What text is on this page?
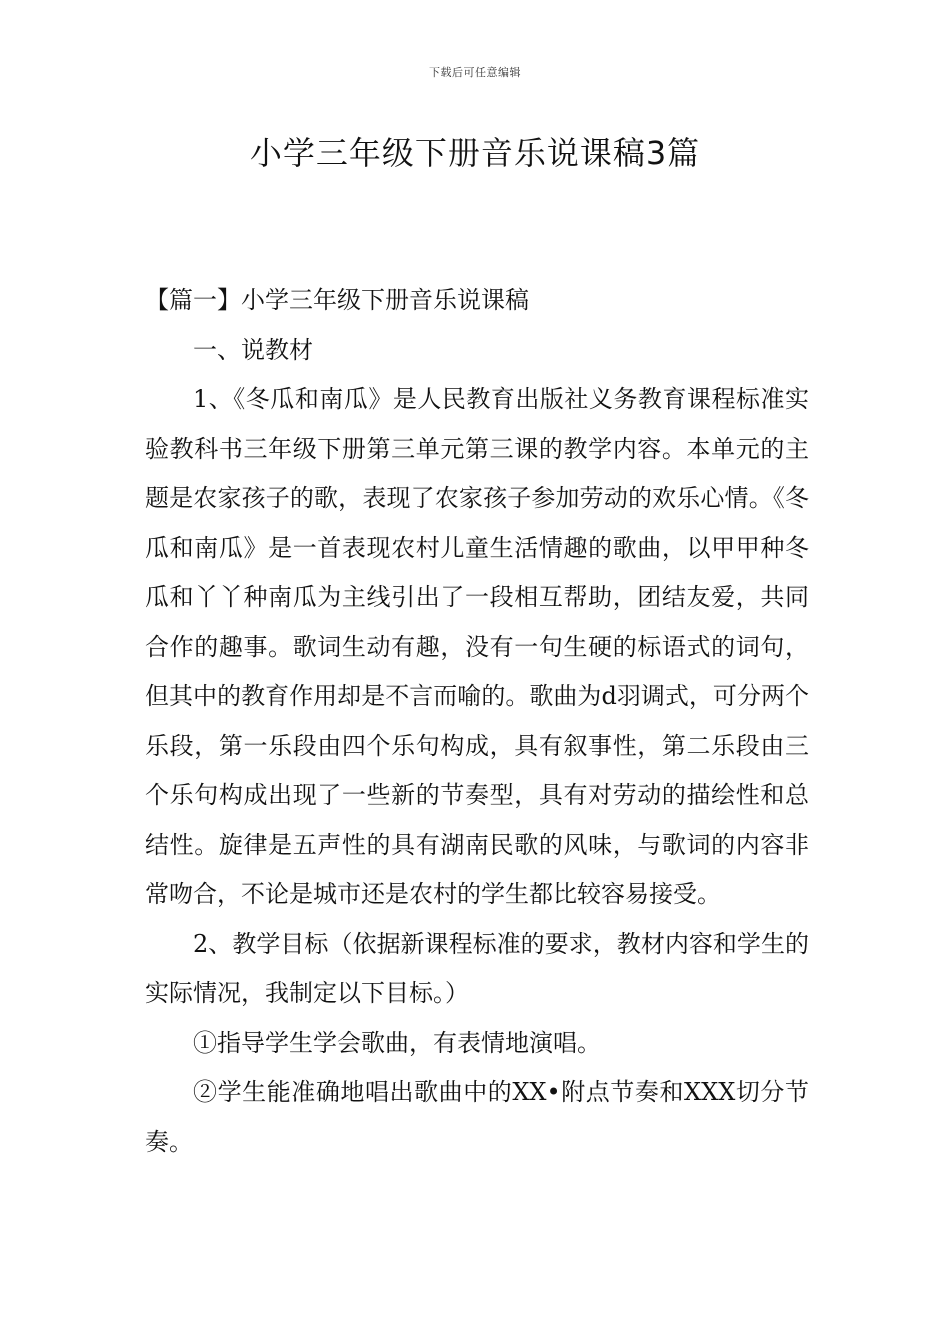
下载后可任意编辑
小学三年级下册音乐说课稿3篇

【篇一】小学三年级下册音乐说课稿

一、说教材

1、《冬瓜和南瓜》是人民教育出版社义务教育课程标准实验教科书三年级下册第三单元第三课的教学内容。本单元的主题是农家孩子的歌，表现了农家孩子参加劳动的欢乐心情。《冬瓜和南瓜》是一首表现农村儿童生活情趣的歌曲，以甲甲种冬瓜和丫丫种南瓜为主线引出了一段相互帮助，团结友爱，共同合作的趣事。歌词生动有趣，没有一句生硬的标语式的词句，但其中的教育作用却是不言而喻的。歌曲为d羽调式，可分两个乐段，第一乐段由四个乐句构成，具有叙事性，第二乐段由三个乐句构成出现了一些新的节奏型，具有对劳动的描绘性和总结性。旋律是五声性的具有湖南民歌的风味，与歌词的内容非常吻合，不论是城市还是农村的学生都比较容易接受。

2、教学目标（依据新课程标准的要求，教材内容和学生的实际情况，我制定以下目标。）

①指导学生学会歌曲，有表情地演唱。

②学生能准确地唱出歌曲中的XX•附点节奏和XXX切分节奏。
